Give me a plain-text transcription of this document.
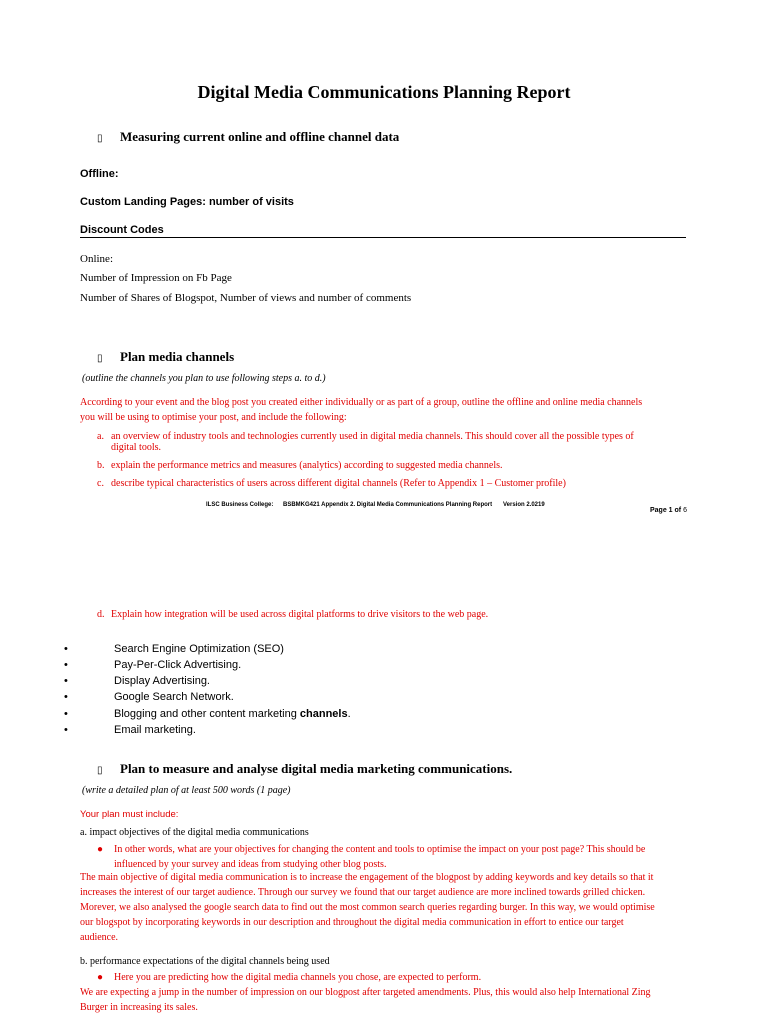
Digital Media Communications Planning Report
▯ Measuring current online and offline channel data
Offline:
Custom Landing Pages: number of visits
Discount Codes
Online:
Number of Impression on Fb Page
Number of Shares of Blogspot, Number of views and number of comments
▯ Plan media channels
(outline the channels you plan to use following steps a. to d.)
According to your event and the blog post you created either individually or as part of a group, outline the offline and online media channels
you will be using to optimise your post, and include the following:
a. an overview of industry tools and technologies currently used in digital media channels. This should cover all the possible types of
digital tools.
b. explain the performance metrics and measures (analytics) according to suggested media channels.
c. describe typical characteristics of users across different digital channels (Refer to Appendix 1 – Customer profile)
ILSC Business College: BSBMKG421 Appendix 2. Digital Media Communications Planning Report Version 2.0219
Page 1 of 6
d. Explain how integration will be used across digital platforms to drive visitors to the web page.
•	Search Engine Optimization (SEO)
•	Pay-Per-Click Advertising.
•	Display Advertising.
•	Google Search Network.
•	Blogging and other content marketing channels.
•	Email marketing.
▯ Plan to measure and analyse digital media marketing communications.
(write a detailed plan of at least 500 words (1 page)
Your plan must include:
a. impact objectives of the digital media communications
● In other words, what are your objectives for changing the content and tools to optimise the impact on your post page? This should be
influenced by your survey and ideas from studying other blog posts.
The main objective of digital media communication is to increase the engagement of the blogpost by adding keywords and key details so that it
increases the interest of our target audience. Through our survey we found that our target audience are more inclined towards grilled chicken.
Morever, we also analysed the google search data to find out the most common search queries regarding burger. In this way, we would optimise
our blogspot by incorporating keywords in our description and throughout the digital media communication in effort to entice our target
audience.
b. performance expectations of the digital channels being used
● Here you are predicting how the digital media channels you chose, are expected to perform.
We are expecting a jump in the number of impression on our blogpost after targeted amendments. Plus, this would also help International Zing
Burger in increasing its sales.
